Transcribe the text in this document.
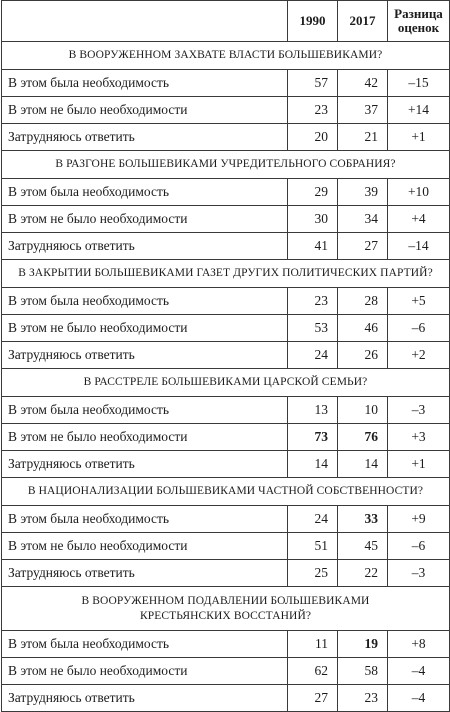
	1990	2017	Разница оценок
В ВООРУЖЕННОМ ЗАХВАТЕ ВЛАСТИ БОЛЬШЕВИКАМИ?			
В этом была необходимость	57	42	–15
В этом не было необходимости	23	37	+14
Затрудняюсь ответить	20	21	+1
В РАЗГОНЕ БОЛЬШЕВИКАМИ УЧРЕДИТЕЛЬНОГО СОБРАНИЯ?			
В этом была необходимость	29	39	+10
В этом не было необходимости	30	34	+4
Затрудняюсь ответить	41	27	–14
В ЗАКРЫТИИ БОЛЬШЕВИКАМИ ГАЗЕТ ДРУГИХ ПОЛИТИЧЕСКИХ ПАРТИЙ?			
В этом была необходимость	23	28	+5
В этом не было необходимости	53	46	–6
Затрудняюсь ответить	24	26	+2
В РАССТРЕЛЕ БОЛЬШЕВИКАМИ ЦАРСКОЙ СЕМЬИ?			
В этом была необходимость	13	10	–3
В этом не было необходимости	73	76	+3
Затрудняюсь ответить	14	14	+1
В НАЦИОНАЛИЗАЦИИ БОЛЬШЕВИКАМИ ЧАСТНОЙ СОБСТВЕННОСТИ?			
В этом была необходимость	24	33	+9
В этом не было необходимости	51	45	–6
Затрудняюсь ответить	25	22	–3
В ВООРУЖЕННОМ ПОДАВЛЕНИИ БОЛЬШЕВИКАМИ
КРЕСТЬЯНСКИХ ВОССТАНИЙ?			
В этом была необходимость	11	19	+8
В этом не было необходимости	62	58	–4
Затрудняюсь ответить	27	23	–4
